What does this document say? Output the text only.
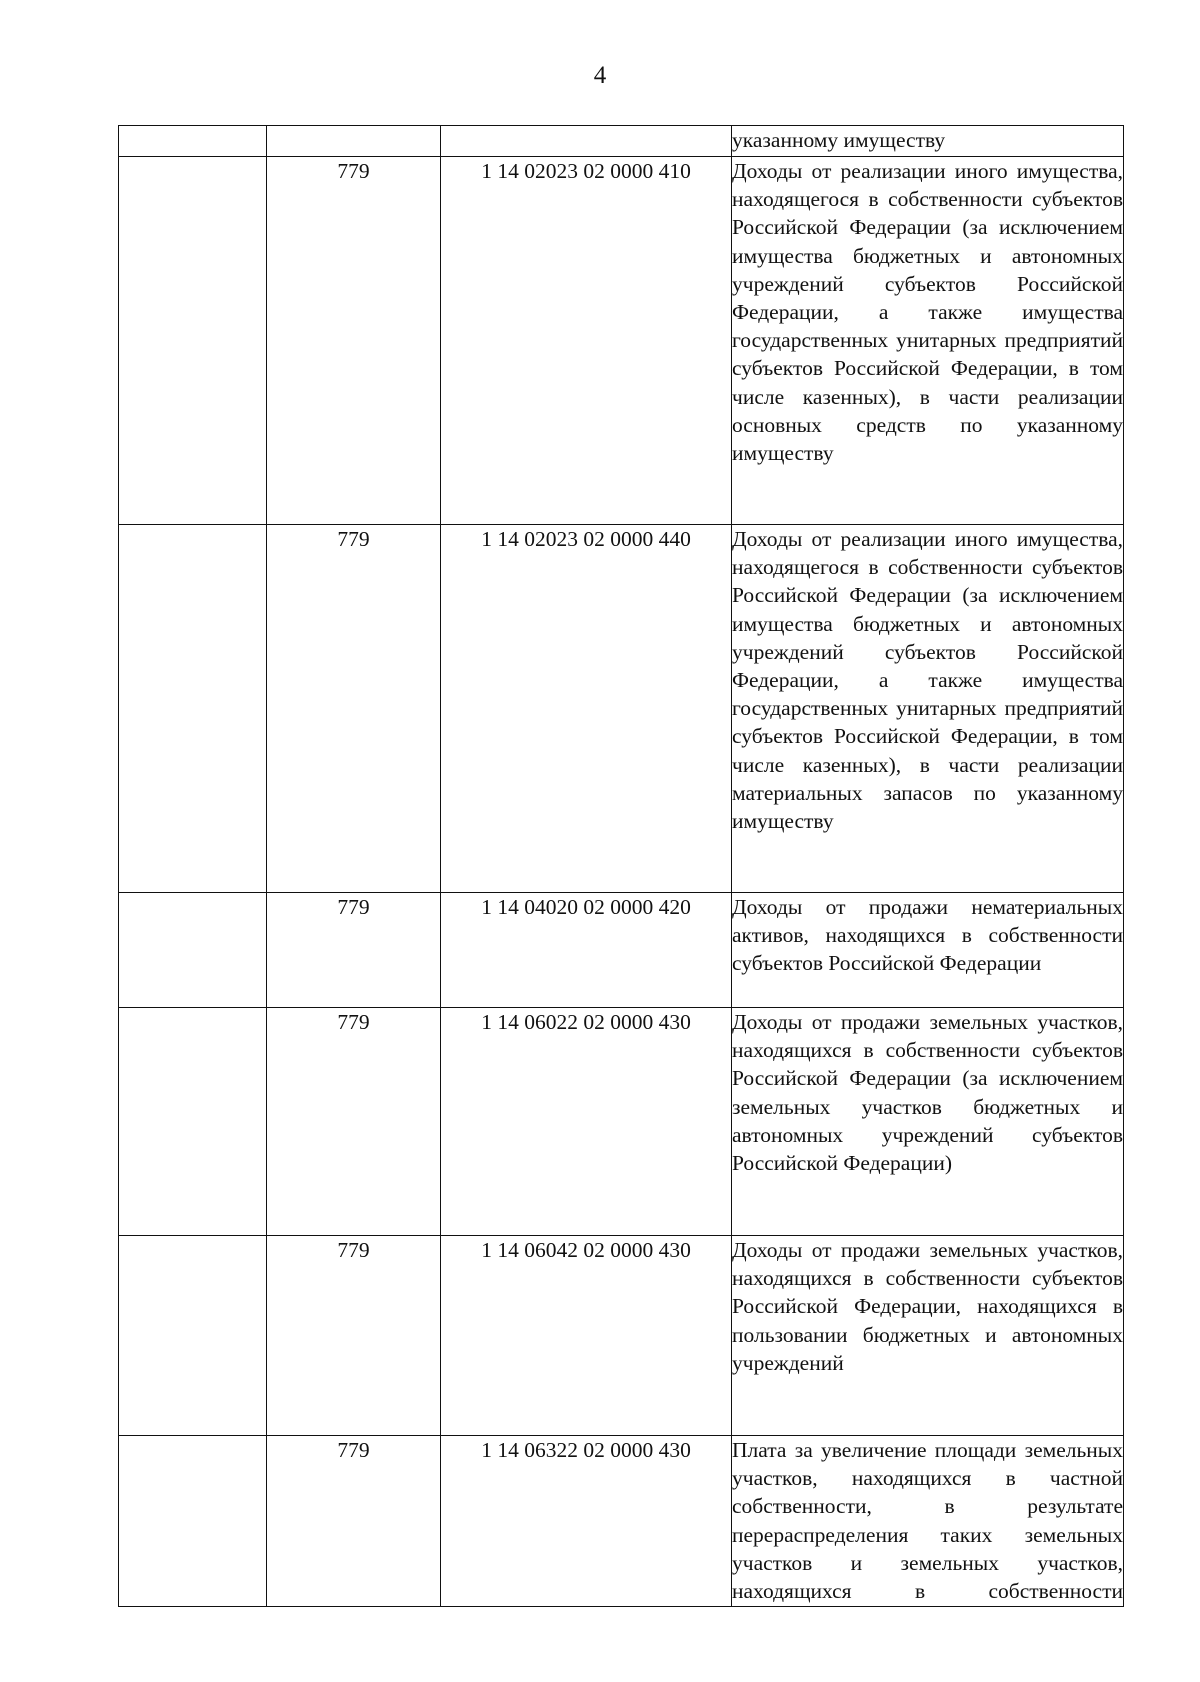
4
			указанному имуществу
	779	1 14 02023 02 0000 410	Доходы от реализации иного имущества, находящегося в собственности субъектов Российской Федерации (за исключением имущества бюджетных и автономных учреждений субъектов Российской Федерации, а также имущества государственных унитарных предприятий субъектов Российской Федерации, в том числе казенных), в части реализации основных средств по указанному имуществу
	779	1 14 02023 02 0000 440	Доходы от реализации иного имущества, находящегося в собственности субъектов Российской Федерации (за исключением имущества бюджетных и автономных учреждений субъектов Российской Федерации, а также имущества государственных унитарных предприятий субъектов Российской Федерации, в том числе казенных), в части реализации материальных запасов по указанному имуществу
	779	1 14 04020 02 0000 420	Доходы от продажи нематериальных активов, находящихся в собственности субъектов Российской Федерации
	779	1 14 06022 02 0000 430	Доходы от продажи земельных участков, находящихся в собственности субъектов Российской Федерации (за исключением земельных участков бюджетных и автономных учреждений субъектов Российской Федерации)
	779	1 14 06042 02 0000 430	Доходы от продажи земельных участков, находящихся в собственности субъектов Российской Федерации, находящихся в пользовании бюджетных и автономных учреждений
	779	1 14 06322 02 0000 430	Плата за увеличение площади земельных участков, находящихся в частной собственности, в результате перераспределения таких земельных участков и земельных участков, находящихся в собственности
